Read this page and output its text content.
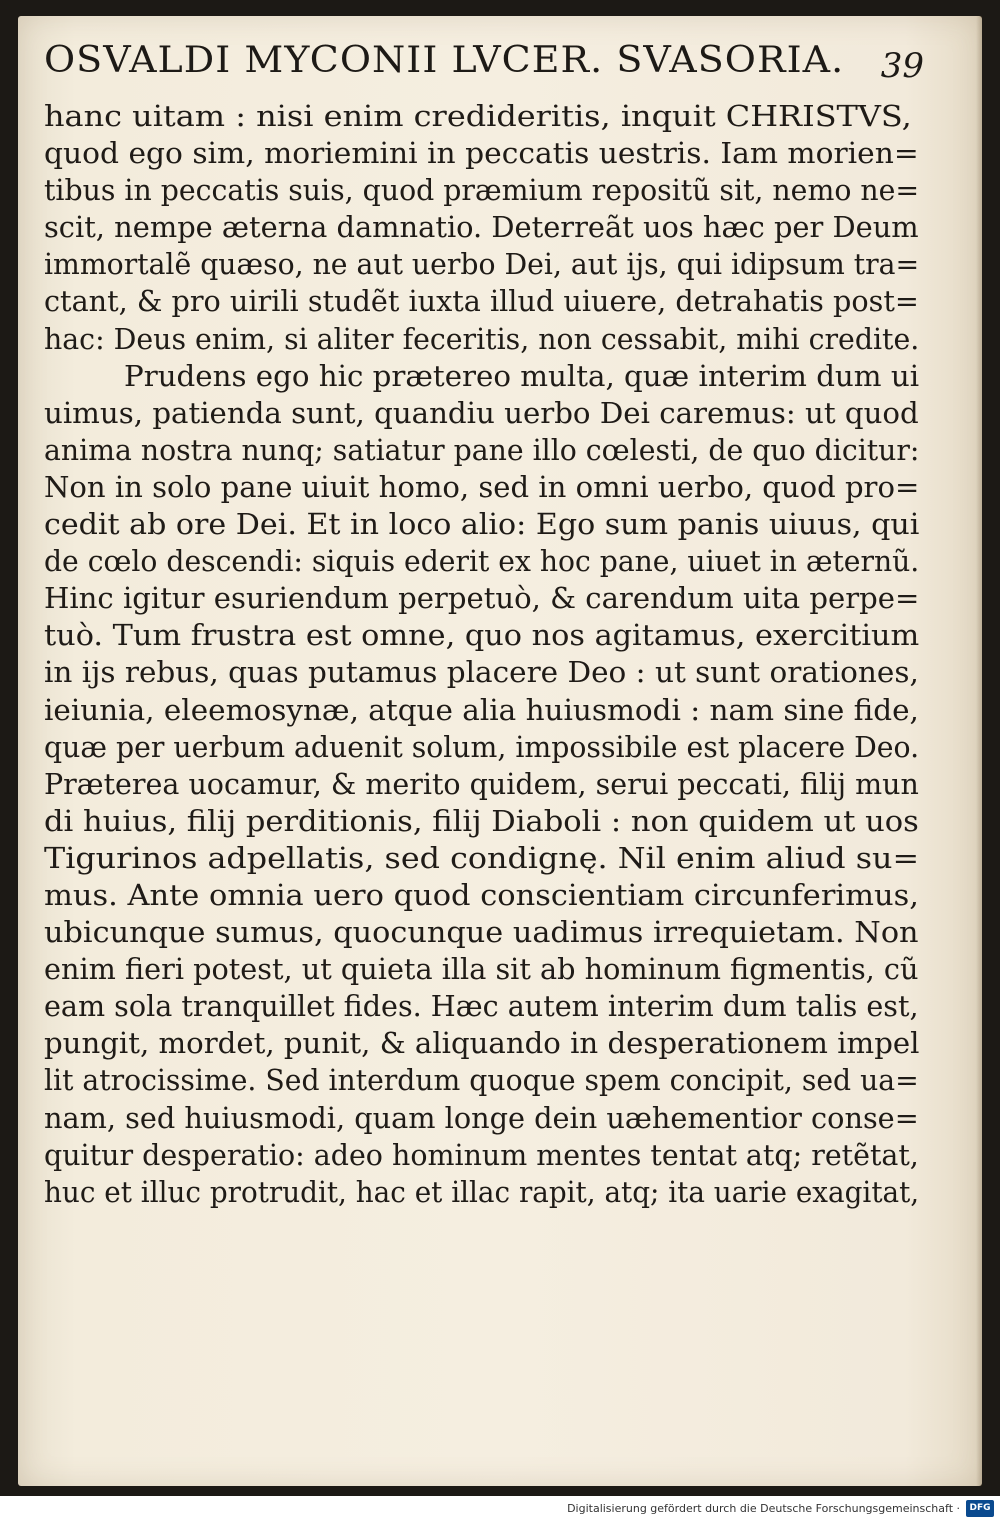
OSVALDI MYCONII LVCER. SVASORIA. 39
hanc uitam : nisi enim credideritis, inquit CHRISTVS,
quod ego sim, moriemini in peccatis uestris. Iam morien=
tibus in peccatis suis, quod præmium repositũ sit, nemo ne=
scit, nempe æterna damnatio. Deterreãt uos hæc per Deum
immortalẽ quæso, ne aut uerbo Dei, aut ijs, qui idipsum tra=
ctant, & pro uirili studẽt iuxta illud uiuere, detrahatis post=
hac: Deus enim, si aliter feceritis, non cessabit, mihi credite.
Prudens ego hic prætereo multa, quæ interim dum ui
uimus, patienda sunt, quandiu uerbo Dei caremus: ut quod
anima nostra nunq; satiatur pane illo cœlesti, de quo dicitur:
Non in solo pane uiuit homo, sed in omni uerbo, quod pro=
cedit ab ore Dei. Et in loco alio: Ego sum panis uiuus, qui
de cœlo descendi: siquis ederit ex hoc pane, uiuet in æternũ.
Hinc igitur esuriendum perpetuò, & carendum uita perpe=
tuò. Tum frustra est omne, quo nos agitamus, exercitium
in ijs rebus, quas putamus placere Deo : ut sunt orationes,
ieiunia, eleemosynæ, atque alia huiusmodi : nam sine fide,
quæ per uerbum aduenit solum, impossibile est placere Deo.
Præterea uocamur, & merito quidem, serui peccati, filij mun
di huius, filij perditionis, filij Diaboli : non quidem ut uos
Tigurinos adpellatis, sed condignę. Nil enim aliud su=
mus. Ante omnia uero quod conscientiam circunferimus,
ubicunque sumus, quocunque uadimus irrequietam. Non
enim fieri potest, ut quieta illa sit ab hominum figmentis, cũ
eam sola tranquillet fides. Hæc autem interim dum talis est,
pungit, mordet, punit, & aliquando in desperationem impel
lit atrocissime. Sed interdum quoque spem concipit, sed ua=
nam, sed huiusmodi, quam longe dein uæhementior conse=
quitur desperatio: adeo hominum mentes tentat atq; retẽtat,
huc et illuc protrudit, hac et illac rapit, atq; ita uarie exagitat,
Digitalisierung gefördert durch die Deutsche Forschungsgemeinschaft ·	DFG
